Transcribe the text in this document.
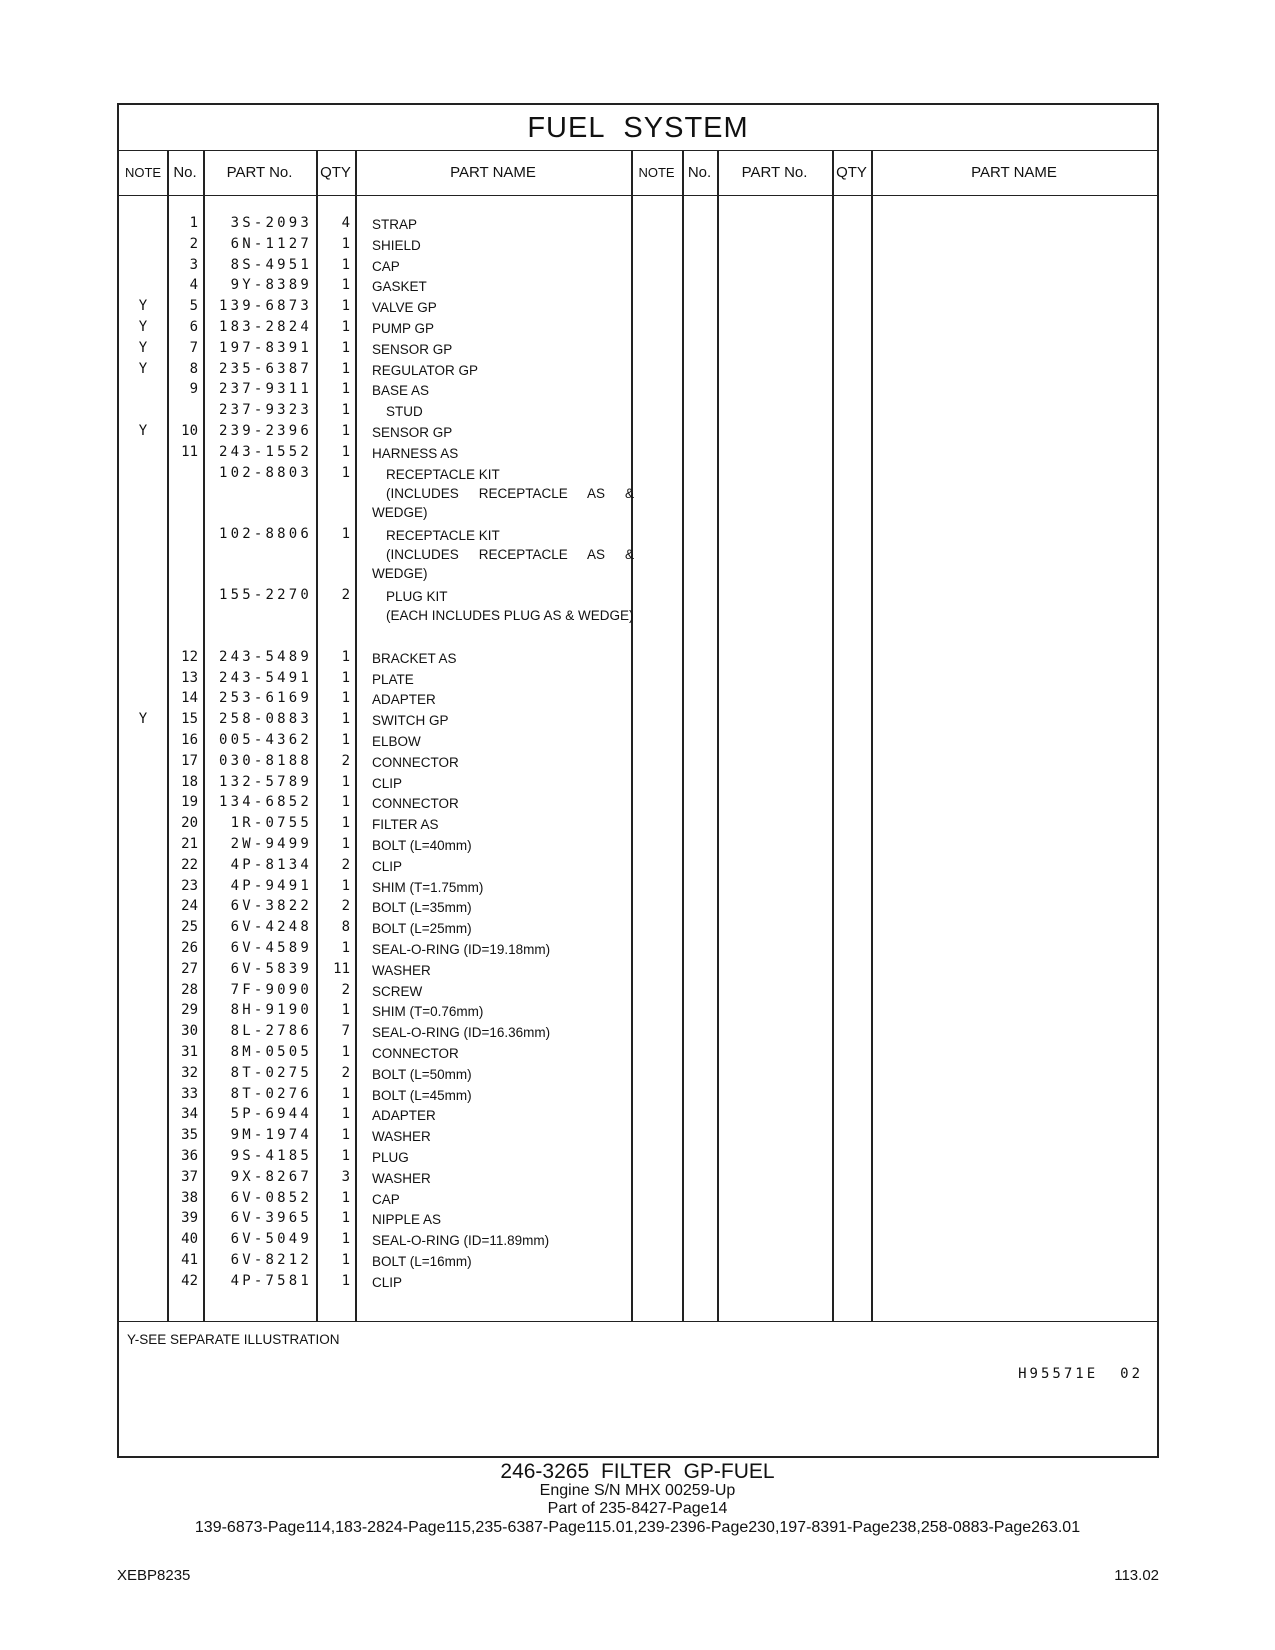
FUEL SYSTEM
NOTE No.	PART No.	QTY	PART NAME	NOTE No.	PART No.	QTY	PART NAME
1	3S-2093	4 STRAP
2	6N-1127	1 SHIELD
3	8S-4951	1 CAP
4	9Y-8389	1 GASKET
Y	5	139-6873	1 VALVE GP
Y	6	183-2824	1 PUMP GP
Y	7	197-8391	1 SENSOR GP
Y	8	235-6387	1 REGULATOR GP
9	237-9311	1 BASE AS
237-9323	1	STUD
Y	10	239-2396	1 SENSOR GP
11	243-1552	1 HARNESS AS
102-8803	1	RECEPTACLE KIT
(INCLUDES RECEPTACLE AS & WEDGE)
102-8806	1	RECEPTACLE KIT
(INCLUDES RECEPTACLE AS & WEDGE)
155-2270	2	PLUG KIT
(EACH INCLUDES PLUG AS & WEDGE)
12	243-5489	1 BRACKET AS
13	243-5491	1 PLATE
14	253-6169	1 ADAPTER
Y	15	258-0883	1 SWITCH GP
16	005-4362	1 ELBOW
17	030-8188	2 CONNECTOR
18	132-5789	1 CLIP
19	134-6852	1 CONNECTOR
20	1R-0755	1 FILTER AS
21	2W-9499	1 BOLT (L=40mm)
22	4P-8134	2 CLIP
23	4P-9491	1 SHIM (T=1.75mm)
24	6V-3822	2 BOLT (L=35mm)
25	6V-4248	8 BOLT (L=25mm)
26	6V-4589	1 SEAL-O-RING (ID=19.18mm)
27	6V-5839	11 WASHER
28	7F-9090	2 SCREW
29	8H-9190	1 SHIM (T=0.76mm)
30	8L-2786	7 SEAL-O-RING (ID=16.36mm)
31	8M-0505	1 CONNECTOR
32	8T-0275	2 BOLT (L=50mm)
33	8T-0276	1 BOLT (L=45mm)
34	5P-6944	1 ADAPTER
35	9M-1974	1 WASHER
36	9S-4185	1 PLUG
37	9X-8267	3 WASHER
38	6V-0852	1 CAP
39	6V-3965	1 NIPPLE AS
40	6V-5049	1 SEAL-O-RING (ID=11.89mm)
41	6V-8212	1 BOLT (L=16mm)
42	4P-7581	1 CLIP
Y-SEE SEPARATE ILLUSTRATION
H95571E 02
246-3265 FILTER GP-FUEL
Engine S/N MHX 00259-Up
Part of 235-8427-Page14
139-6873-Page114,183-2824-Page115,235-6387-Page115.01,239-2396-Page230,197-8391-Page238,258-0883-Page263.01
XEBP8235	113.02
